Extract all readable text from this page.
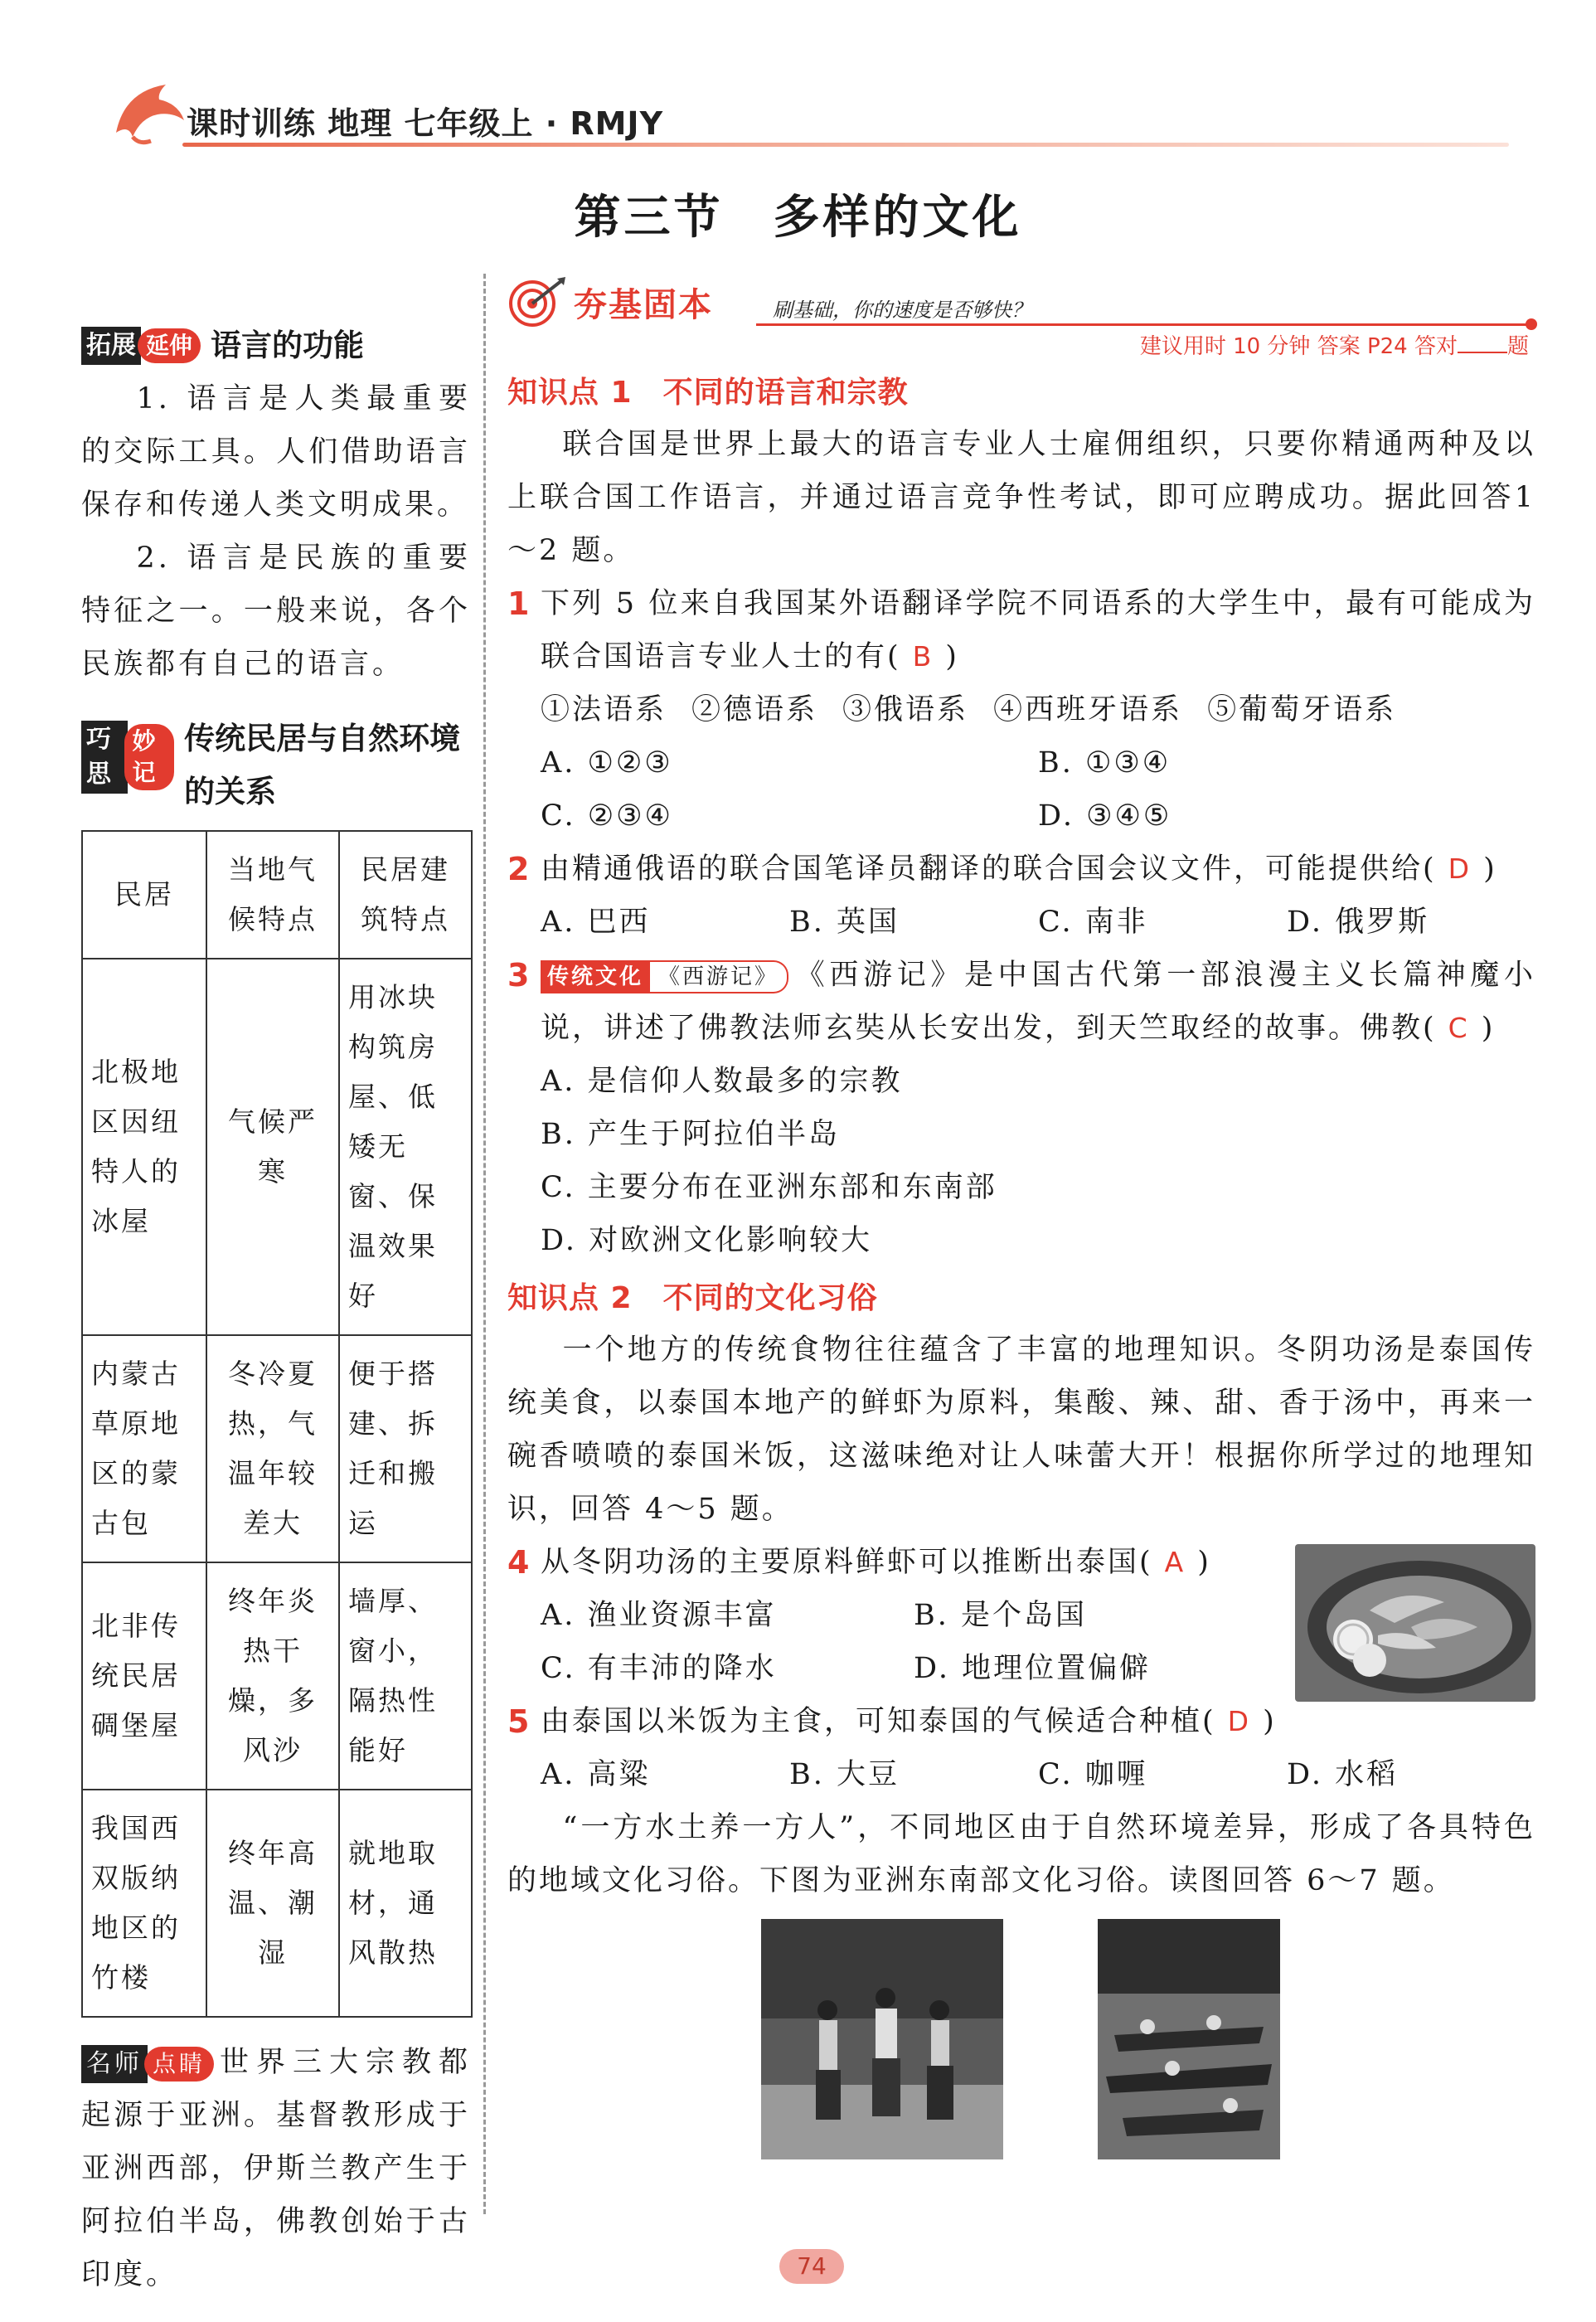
课时训练 地理 七年级上 · RMJY
第三节　多样的文化
拓展 延伸 语言的功能

1. 语言是人类最重要的交际工具。人们借助语言保存和传递人类文明成果。

2. 语言是民族的重要特征之一。一般来说，各个民族都有自己的语言。

巧思
妙记
传统民居与自然环境的关系
民居	当地气候特点	民居建筑特点
北极地区因纽特人的冰屋	气候严寒	用冰块构筑房屋、低矮无窗、保温效果好
内蒙古草原地区的蒙古包	冬冷夏热，气温年较差大	便于搭建、拆迁和搬运
北非传统民居碉堡屋	终年炎热干燥，多风沙	墙厚、窗小，隔热性能好
我国西双版纳地区的竹楼	终年高温、潮湿	就地取材，通风散热

名师 点睛 世界三大宗教都起源于亚洲。基督教形成于亚洲西部，伊斯兰教产生于阿拉伯半岛，佛教创始于古印度。

夯基固本	刷基础，你的速度是否够快？
建议用时 10 分钟 答案 P24 答对 题
知识点 1　不同的语言和宗教

联合国是世界上最大的语言专业人士雇佣组织，只要你精通两种及以上联合国工作语言，并通过语言竞争性考试，即可应聘成功。据此回答1～2 题。

1 下列 5 位来自我国某外语翻译学院不同语系的大学生中，最有可能成为联合国语言专业人士的有( B )
①法语系 ②德语系 ③俄语系 ④西班牙语系 ⑤葡萄牙语系
A. ①②③	B. ①③④
C. ②③④	D. ③④⑤
2 由精通俄语的联合国笔译员翻译的联合国会议文件，可能提供给( D )
A. 巴西	B. 英国	C. 南非	D. 俄罗斯
3 传统文化 《西游记》 《西游记》是中国古代第一部浪漫主义长篇神魔小说，讲述了佛教法师玄奘从长安出发，到天竺取经的故事。佛教( C )
A. 是信仰人数最多的宗教
B. 产生于阿拉伯半岛
C. 主要分布在亚洲东部和东南部
D. 对欧洲文化影响较大
知识点 2　不同的文化习俗

一个地方的传统食物往往蕴含了丰富的地理知识。冬阴功汤是泰国传统美食，以泰国本地产的鲜虾为原料，集酸、辣、甜、香于汤中，再来一碗香喷喷的泰国米饭，这滋味绝对让人味蕾大开！根据你所学过的地理知识，回答 4～5 题。

4 从冬阴功汤的主要原料鲜虾可以推断出泰国( A )
A. 渔业资源丰富	B. 是个岛国
C. 有丰沛的降水	D. 地理位置偏僻
5 由泰国以米饭为主食，可知泰国的气候适合种植( D )
A. 高粱	B. 大豆	C. 咖喱	D. 水稻

“一方水土养一方人”，不同地区由于自然环境差异，形成了各具特色的地域文化习俗。下图为亚洲东南部文化习俗。读图回答 6～7 题。

74
